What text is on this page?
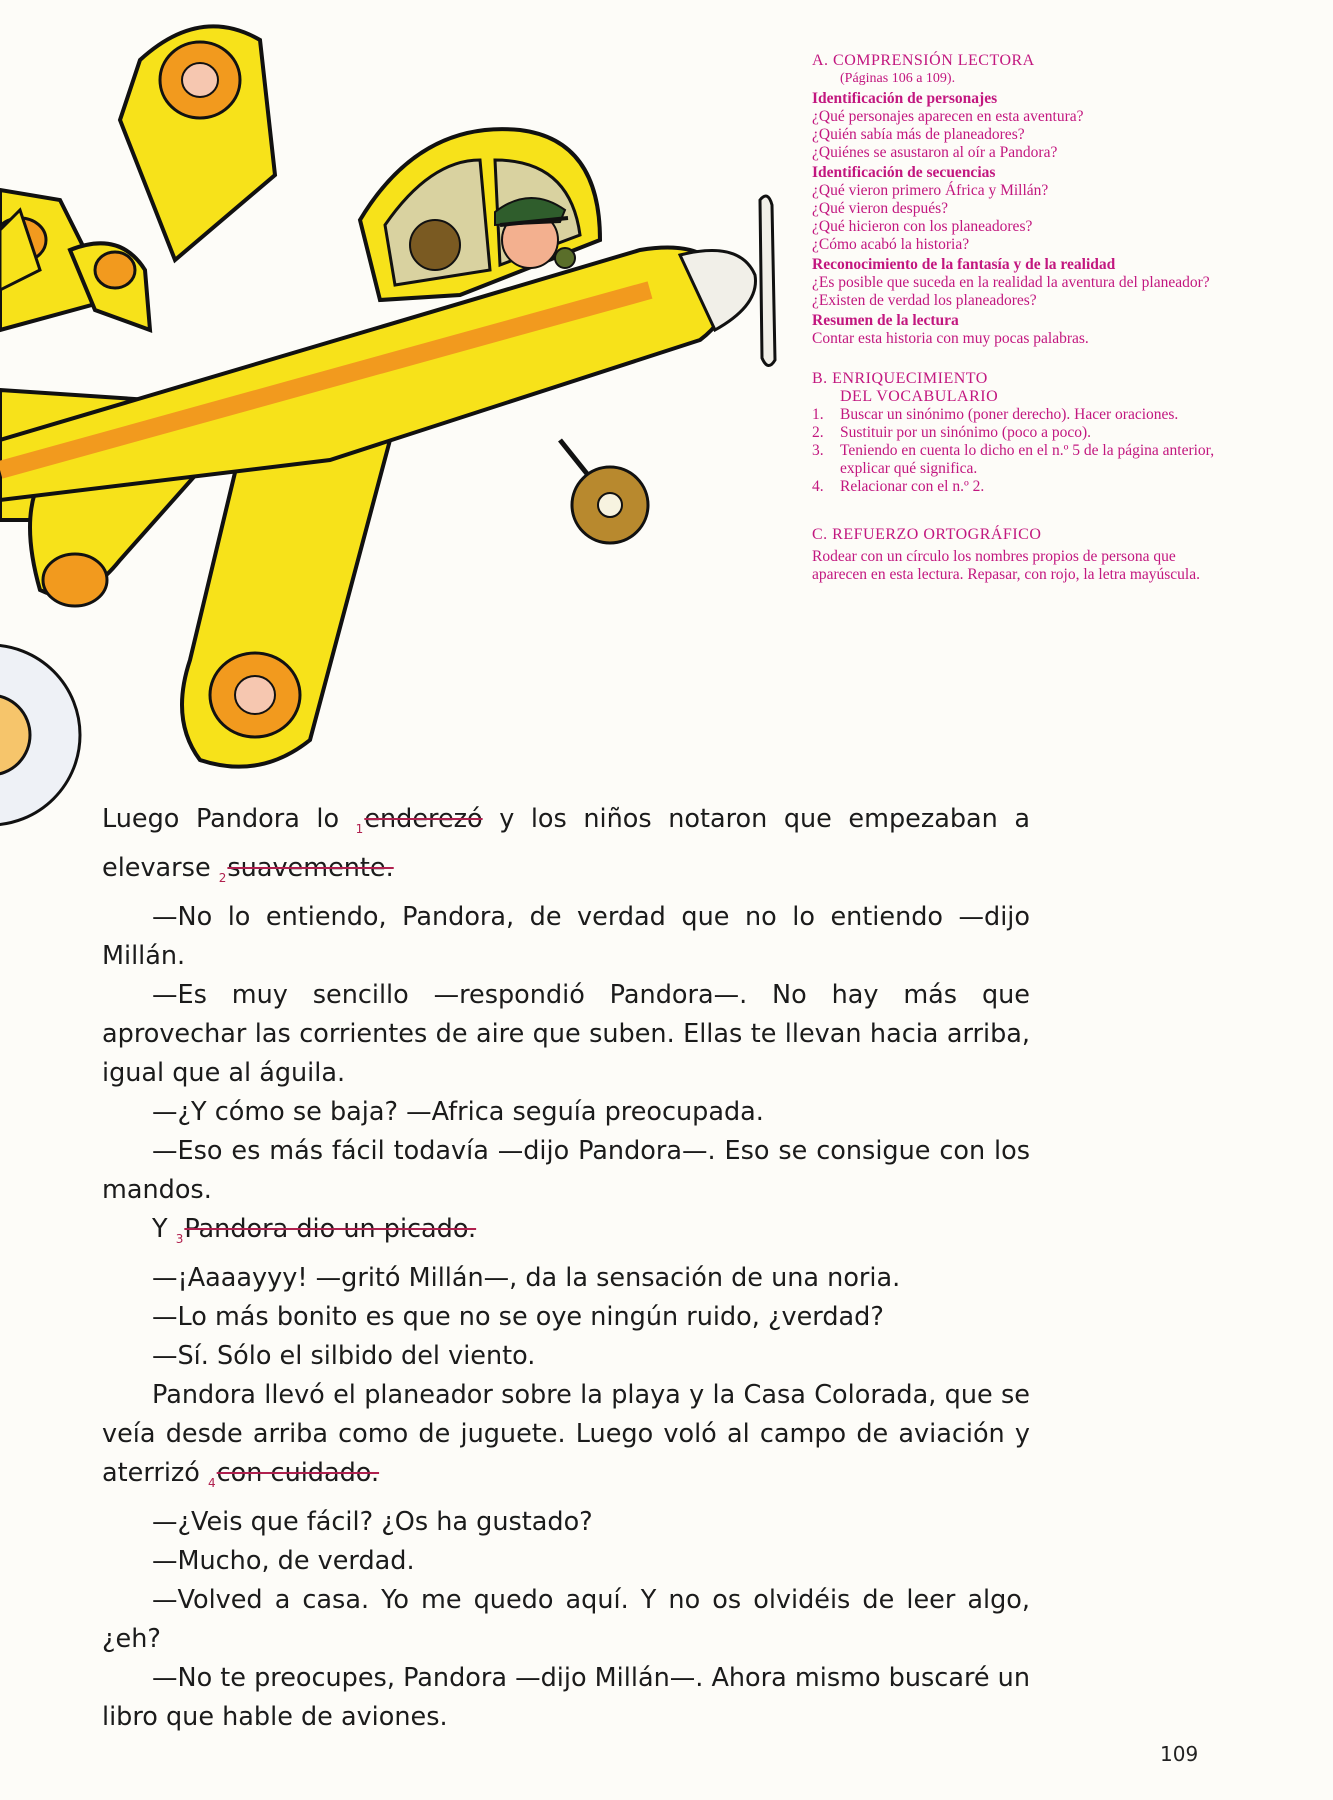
A. COMPRENSIÓN LECTORA
(Páginas 106 a 109).
Identificación de personajes
¿Qué personajes aparecen en esta aventura?
¿Quién sabía más de planeadores?
¿Quiénes se asustaron al oír a Pandora?
Identificación de secuencias
¿Qué vieron primero África y Millán?
¿Qué vieron después?
¿Qué hicieron con los planeadores?
¿Cómo acabó la historia?
Reconocimiento de la fantasía y de la realidad
¿Es posible que suceda en la realidad la aventura del planeador?
¿Existen de verdad los planeadores?
Resumen de la lectura
Contar esta historia con muy pocas palabras.
B. ENRIQUECIMIENTO
DEL VOCABULARIO
1.	Buscar un sinónimo (poner derecho). Hacer oraciones.
2.	Sustituir por un sinónimo (poco a poco).
3.	Teniendo en cuenta lo dicho en el n.º 5 de la página anterior, explicar qué significa.
4.	Relacionar con el n.º 2.
C. REFUERZO ORTOGRÁFICO
Rodear con un círculo los nombres propios de persona que aparecen en esta lectura. Repasar, con rojo, la letra mayúscula.

Luego Pandora lo $_1$enderezó y los niños notaron que empezaban a elevarse $_2$suavemente.

—No lo entiendo, Pandora, de verdad que no lo entiendo —dijo Millán.

—Es muy sencillo —respondió Pandora—. No hay más que aprovechar las corrientes de aire que suben. Ellas te llevan hacia arriba, igual que al águila.

—¿Y cómo se baja? —Africa seguía preocupada.

—Eso es más fácil todavía —dijo Pandora—. Eso se consigue con los mandos.

Y $_3$Pandora dio un picado.

—¡Aaaayyy! —gritó Millán—, da la sensación de una noria.

—Lo más bonito es que no se oye ningún ruido, ¿verdad?

—Sí. Sólo el silbido del viento.

Pandora llevó el planeador sobre la playa y la Casa Colorada, que se veía desde arriba como de juguete. Luego voló al campo de aviación y aterrizó $_4$con cuidado.

—¿Veis que fácil? ¿Os ha gustado?

—Mucho, de verdad.

—Volved a casa. Yo me quedo aquí. Y no os olvidéis de leer algo, ¿eh?

—No te preocupes, Pandora —dijo Millán—. Ahora mismo buscaré un libro que hable de aviones.

109
